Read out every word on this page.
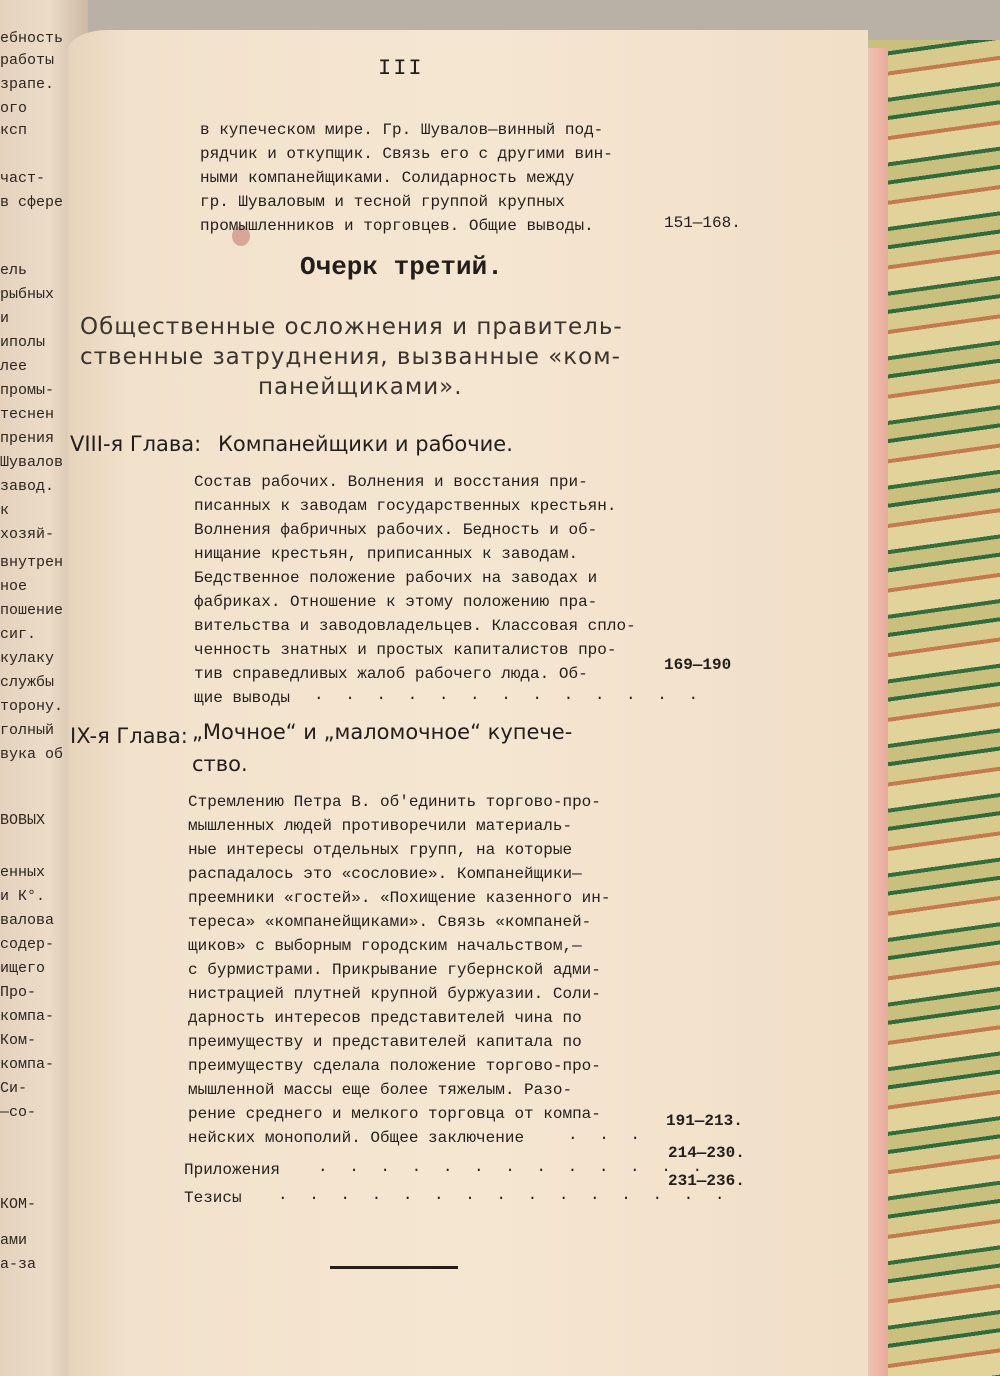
ебность

работы

зрапе.

ого

ксп

част-

в сфере

ель

рыбных

и

иполы

лее

промы-

теснен

прения

Шувалов

завод.

к

хозяй-

внутрен

ное

пошение

сиг.

кулаку

службы

торону.

голный

вука об

ВОВЫХ

енных

и К°.

валова

содер-

ищего

Про-

компа-

Ком-

компа-

Си-

—со-

КОМ-

ами

а-за

III

в купеческом мире. Гр. Шувалов—винный под-

рядчик и откупщик. Связь его с другими вин-

ными компанейщиками. Солидарность между

гр. Шуваловым и тесной группой крупных

промышленников и торговцев. Общие выводы.	151—168.

Очерк третий.

Общественные осложнения и правитель-

ственные затруднения, вызванные «ком-

панейщиками».

VIII-я Глава: Компанейщики и рабочие.

Состав рабочих. Волнения и восстания при-

писанных к заводам государственных крестьян.

Волнения фабричных рабочих. Бедность и об-

нищание крестьян, приписанных к заводам.

Бедственное положение рабочих на заводах и

фабриках. Отношение к этому положению пра-

вительства и заводовладельцев. Классовая спло-

ченность знатных и простых капиталистов про-

тив справедливых жалоб рабочего люда. Об-

щие выводы . . . . . . . . . . . . .

169—190

IX-я Глава: „Мочное“ и „маломочное“ купече-

ство.

Стремлению Петра В. об'единить торгово-про-

мышленных людей противоречили материаль-

ные интересы отдельных групп, на которые

распадалось это «сословие». Компанейщики—

преемники «гостей». «Похищение казенного ин-

тереса» «компанейщиками». Связь «компаней-

щиков» с выборным городским начальством,—

с бурмистрами. Прикрывание губернской адми-

нистрацией плутней крупной буржуазии. Соли-

дарность интересов представителей чина по

преимуществу и представителей капитала по

преимуществу сделала положение торгово-про-

мышленной массы еще более тяжелым. Разо-

рение среднего и мелкого торговца от компа-

нейских монополий. Общее заключение	. . .

191—213.

Приложения . . . . . . . . . . . . .

214—230.

Тезисы . . . . . . . . . . . . . . .

231—236.
